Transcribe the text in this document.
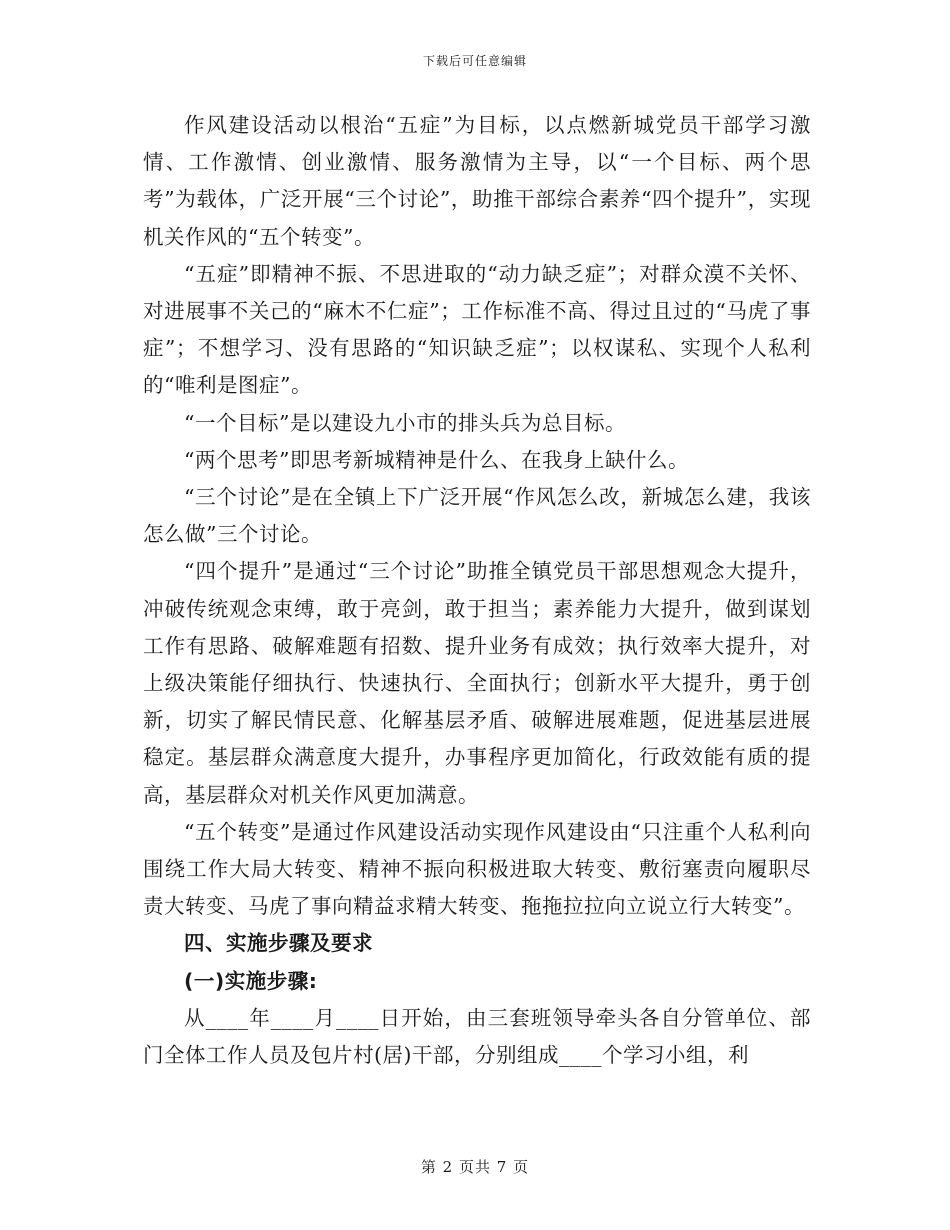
下载后可任意编辑

作风建设活动以根治“五症”为目标，以点燃新城党员干部学习激情、工作激情、创业激情、服务激情为主导，以“一个目标、两个思考”为载体，广泛开展“三个讨论”，助推干部综合素养“四个提升”，实现机关作风的“五个转变”。

“五症”即精神不振、不思进取的“动力缺乏症”；对群众漠不关怀、对进展事不关己的“麻木不仁症”；工作标准不高、得过且过的“马虎了事症”；不想学习、没有思路的“知识缺乏症”；以权谋私、实现个人私利的“唯利是图症”。

“一个目标”是以建设九小市的排头兵为总目标。

“两个思考”即思考新城精神是什么、在我身上缺什么。

“三个讨论”是在全镇上下广泛开展“作风怎么改，新城怎么建，我该怎么做”三个讨论。

“四个提升”是通过“三个讨论”助推全镇党员干部思想观念大提升，冲破传统观念束缚，敢于亮剑，敢于担当；素养能力大提升，做到谋划工作有思路、破解难题有招数、提升业务有成效；执行效率大提升，对上级决策能仔细执行、快速执行、全面执行；创新水平大提升，勇于创新，切实了解民情民意、化解基层矛盾、破解进展难题，促进基层进展稳定。基层群众满意度大提升，办事程序更加简化，行政效能有质的提高，基层群众对机关作风更加满意。

“五个转变”是通过作风建设活动实现作风建设由“只注重个人私利向围绕工作大局大转变、精神不振向积极进取大转变、敷衍塞责向履职尽责大转变、马虎了事向精益求精大转变、拖拖拉拉向立说立行大转变”。

四、实施步骤及要求

(一)实施步骤:

从____年____月____日开始，由三套班领导牵头各自分管单位、部门全体工作人员及包片村(居)干部，分别组成____个学习小组，利

第 2 页共 7 页
